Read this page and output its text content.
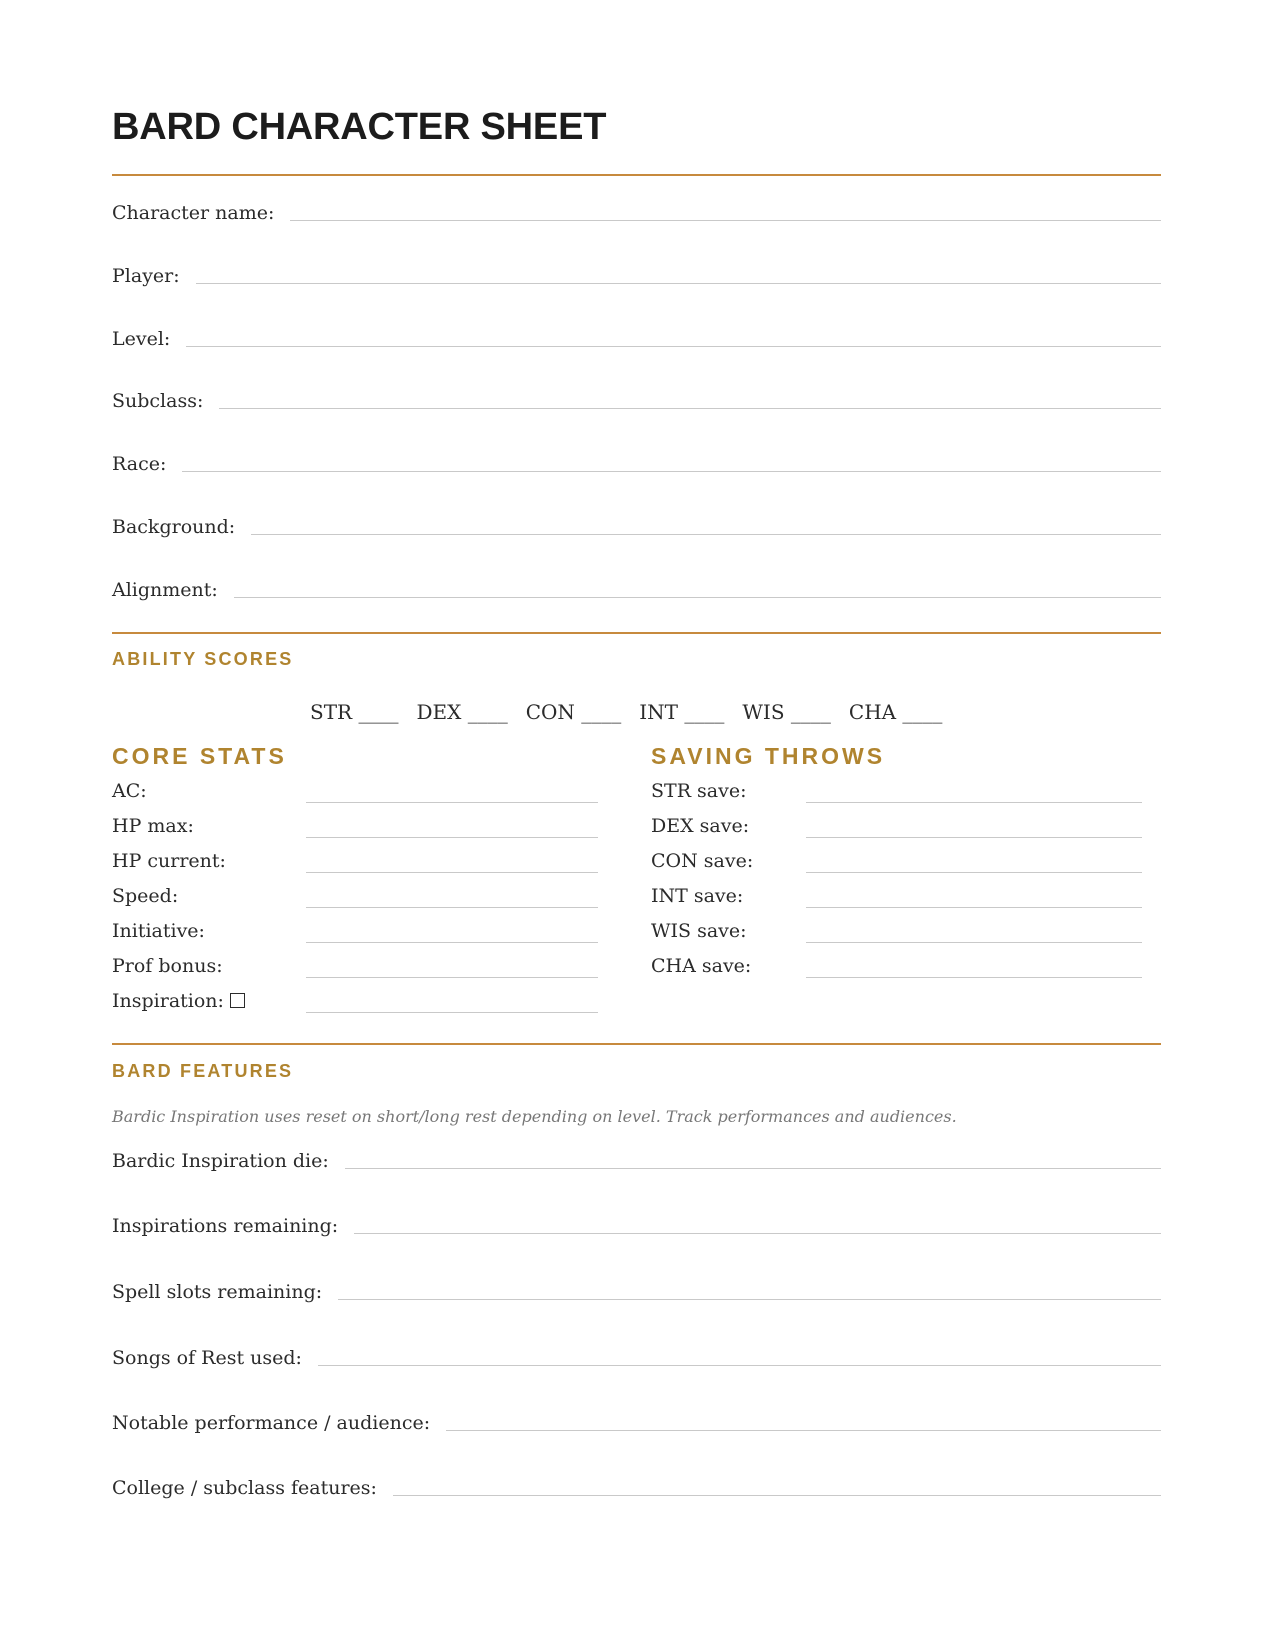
BARD CHARACTER SHEET
Character name:
Player:
Level:
Subclass:
Race:
Background:
Alignment:
ABILITY SCORES
STR ____ DEX ____ CON ____ INT ____ WIS ____ CHA ____
CORE STATS
AC:
HP max:
HP current:
Speed:
Initiative:
Prof bonus:
Inspiration:
SAVING THROWS
STR save:
DEX save:
CON save:
INT save:
WIS save:
CHA save:
BARD FEATURES
Bardic Inspiration uses reset on short/long rest depending on level. Track performances and audiences.
Bardic Inspiration die:
Inspirations remaining:
Spell slots remaining:
Songs of Rest used:
Notable performance / audience:
College / subclass features:
